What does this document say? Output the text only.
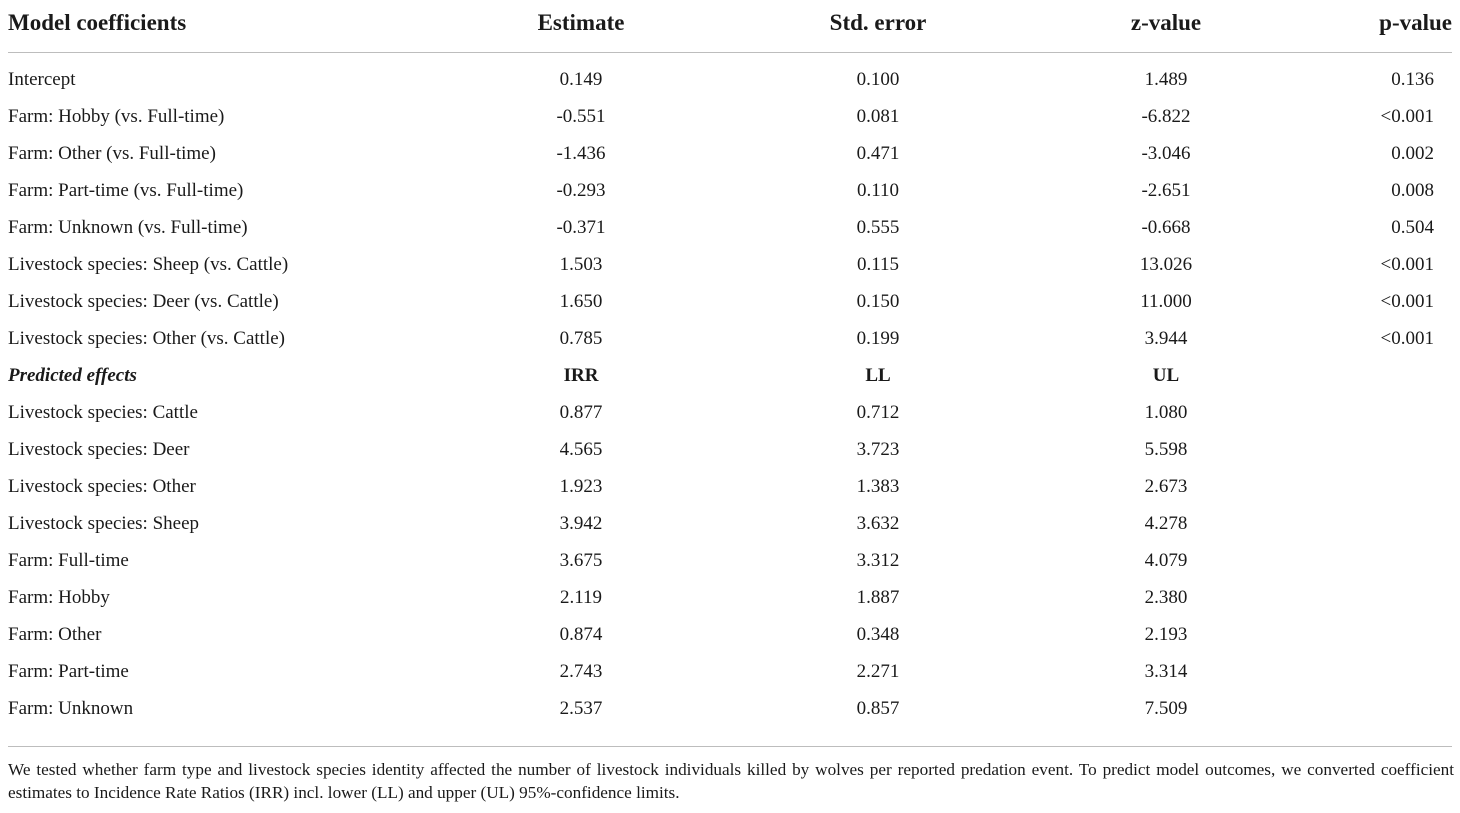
Model coefficients	Estimate	Std. error	z-value	p-value
Intercept	0.149	0.100	1.489	0.136
Farm: Hobby (vs. Full-time)	-0.551	0.081	-6.822	<0.001
Farm: Other (vs. Full-time)	-1.436	0.471	-3.046	0.002
Farm: Part-time (vs. Full-time)	-0.293	0.110	-2.651	0.008
Farm: Unknown (vs. Full-time)	-0.371	0.555	-0.668	0.504
Livestock species: Sheep (vs. Cattle)	1.503	0.115	13.026	<0.001
Livestock species: Deer (vs. Cattle)	1.650	0.150	11.000	<0.001
Livestock species: Other (vs. Cattle)	0.785	0.199	3.944	<0.001
Predicted effects	IRR	LL	UL	
Livestock species: Cattle	0.877	0.712	1.080	
Livestock species: Deer	4.565	3.723	5.598	
Livestock species: Other	1.923	1.383	2.673	
Livestock species: Sheep	3.942	3.632	4.278	
Farm: Full-time	3.675	3.312	4.079	
Farm: Hobby	2.119	1.887	2.380	
Farm: Other	0.874	0.348	2.193	
Farm: Part-time	2.743	2.271	3.314	
Farm: Unknown	2.537	0.857	7.509	
We tested whether farm type and livestock species identity affected the number of livestock individuals killed by wolves per reported predation event. To predict model outcomes, we converted coefficient estimates to Incidence Rate Ratios (IRR) incl. lower (LL) and upper (UL) 95%-confidence limits.
